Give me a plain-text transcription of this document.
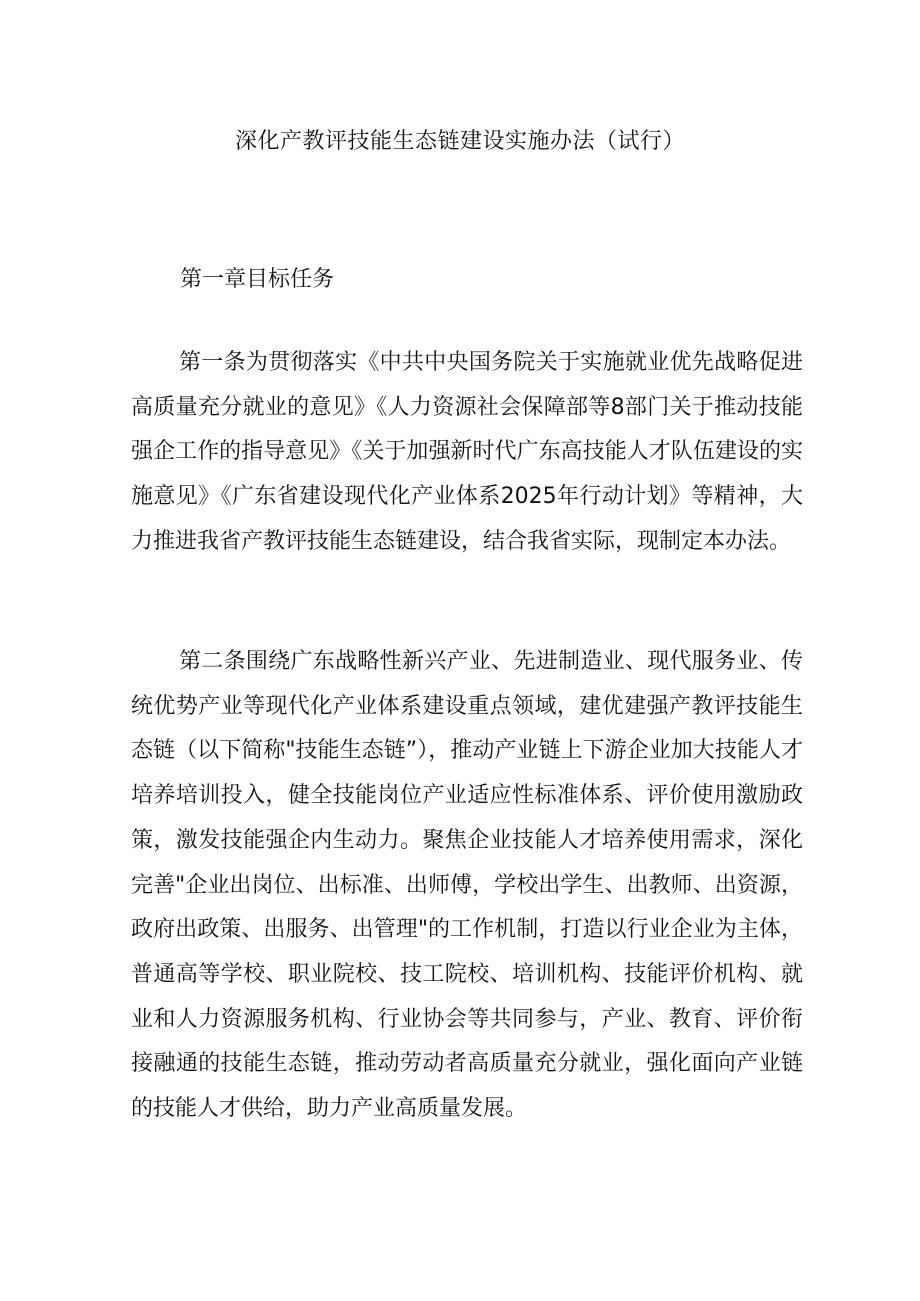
深化产教评技能生态链建设实施办法（试行）
第一章目标任务

第一条为贯彻落实《中共中央国务院关于实施就业优先战略促进高质量充分就业的意见》《人力资源社会保障部等8部门关于推动技能强企工作的指导意见》《关于加强新时代广东高技能人才队伍建设的实施意见》《广东省建设现代化产业体系2025年行动计划》等精神，大力推进我省产教评技能生态链建设，结合我省实际，现制定本办法。

第二条围绕广东战略性新兴产业、先进制造业、现代服务业、传统优势产业等现代化产业体系建设重点领域，建优建强产教评技能生态链（以下简称"技能生态链”），推动产业链上下游企业加大技能人才培养培训投入，健全技能岗位产业适应性标准体系、评价使用激励政策，激发技能强企内生动力。聚焦企业技能人才培养使用需求，深化完善"企业出岗位、出标准、出师傅，学校出学生、出教师、出资源，政府出政策、出服务、出管理"的工作机制，打造以行业企业为主体，普通高等学校、职业院校、技工院校、培训机构、技能评价机构、就业和人力资源服务机构、行业协会等共同参与，产业、教育、评价衔接融通的技能生态链，推动劳动者高质量充分就业，强化面向产业链的技能人才供给，助力产业高质量发展。
